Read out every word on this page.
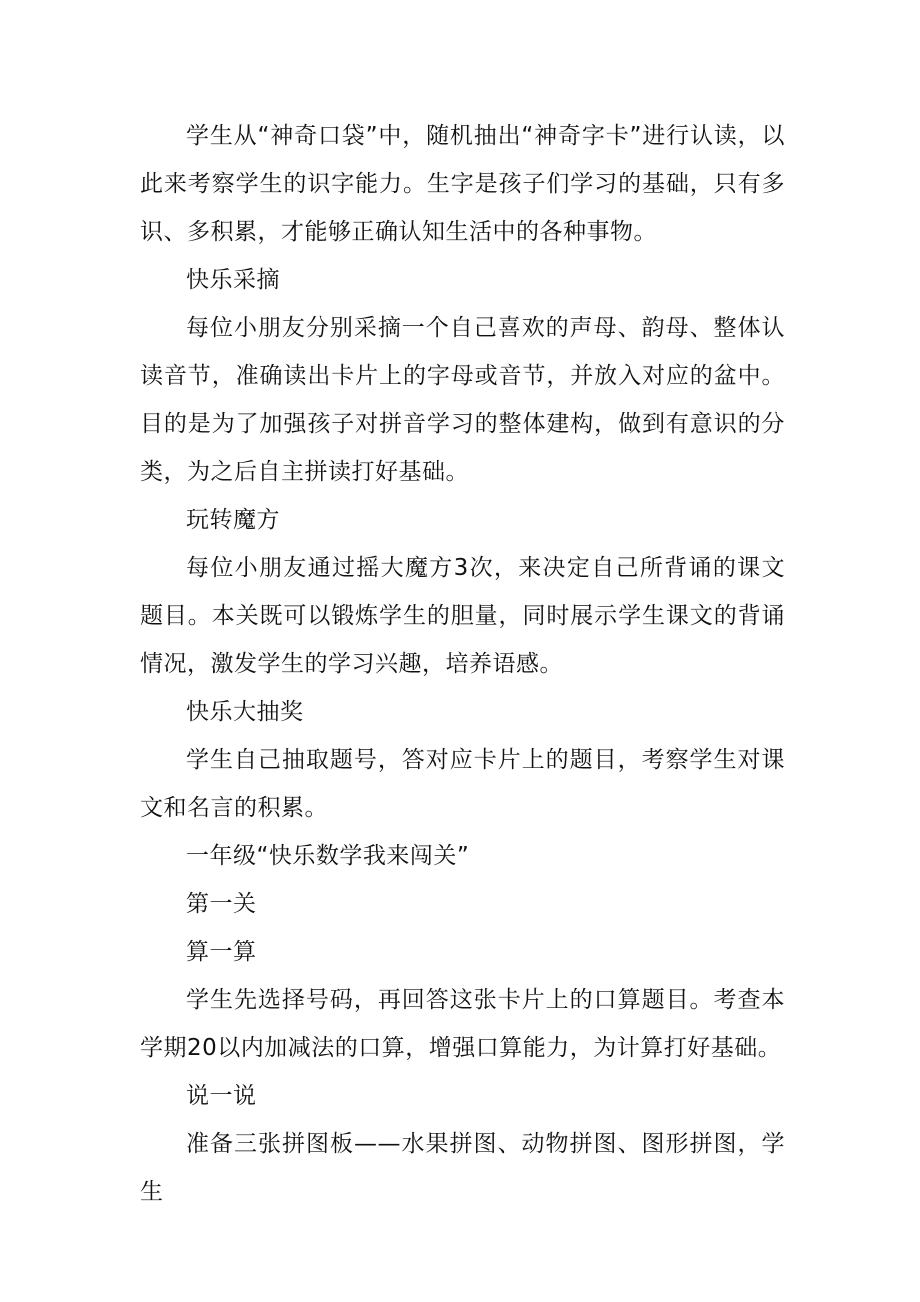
学生从“神奇口袋”中，随机抽出“神奇字卡”进行认读，以此来考察学生的识字能力。生字是孩子们学习的基础，只有多识、多积累，才能够正确认知生活中的各种事物。

快乐采摘

每位小朋友分别采摘一个自己喜欢的声母、韵母、整体认读音节，准确读出卡片上的字母或音节，并放入对应的盆中。目的是为了加强孩子对拼音学习的整体建构，做到有意识的分类，为之后自主拼读打好基础。

玩转魔方

每位小朋友通过摇大魔方3次，来决定自己所背诵的课文题目。本关既可以锻炼学生的胆量，同时展示学生课文的背诵情况，激发学生的学习兴趣，培养语感。

快乐大抽奖

学生自己抽取题号，答对应卡片上的题目，考察学生对课文和名言的积累。

一年级“快乐数学我来闯关”

第一关

算一算

学生先选择号码，再回答这张卡片上的口算题目。考查本学期20以内加减法的口算，增强口算能力，为计算打好基础。

说一说

准备三张拼图板——水果拼图、动物拼图、图形拼图，学生
